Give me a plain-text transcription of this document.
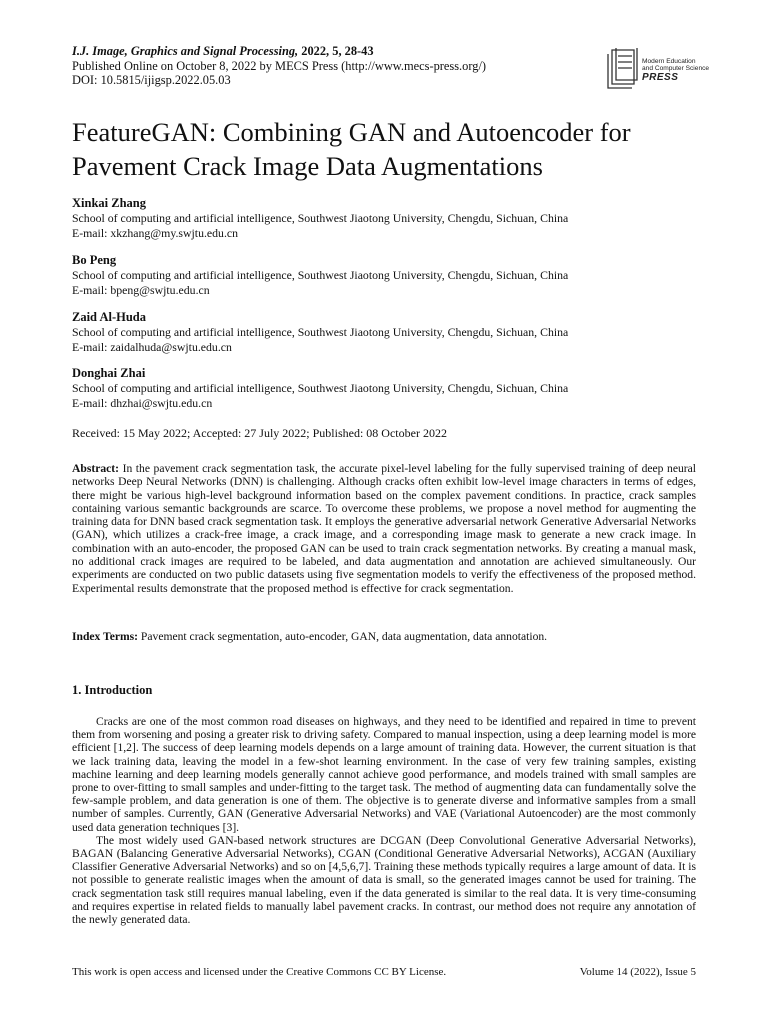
I.J. Image, Graphics and Signal Processing, 2022, 5, 28-43

Published Online on October 8, 2022 by MECS Press (http://www.mecs-press.org/)

DOI: 10.5815/ijigsp.2022.05.03

FeatureGAN: Combining GAN and Autoencoder for Pavement Crack Image Data Augmentations

Xinkai Zhang

School of computing and artificial intelligence, Southwest Jiaotong University, Chengdu, Sichuan, China

E-mail: xkzhang@my.swjtu.edu.cn

Bo Peng

School of computing and artificial intelligence, Southwest Jiaotong University, Chengdu, Sichuan, China

E-mail: bpeng@swjtu.edu.cn

Zaid Al-Huda

School of computing and artificial intelligence, Southwest Jiaotong University, Chengdu, Sichuan, China

E-mail: zaidalhuda@swjtu.edu.cn

Donghai Zhai

School of computing and artificial intelligence, Southwest Jiaotong University, Chengdu, Sichuan, China

E-mail: dhzhai@swjtu.edu.cn

Received: 15 May 2022; Accepted: 27 July 2022; Published: 08 October 2022

Abstract: In the pavement crack segmentation task, the accurate pixel-level labeling for the fully supervised training of deep neural networks Deep Neural Networks (DNN) is challenging. Although cracks often exhibit low-level image characters in terms of edges, there might be various high-level background information based on the complex pavement conditions. In practice, crack samples containing various semantic backgrounds are scarce. To overcome these problems, we propose a novel method for augmenting the training data for DNN based crack segmentation task. It employs the generative adversarial network Generative Adversarial Networks (GAN), which utilizes a crack-free image, a crack image, and a corresponding image mask to generate a new crack image. In combination with an auto-encoder, the proposed GAN can be used to train crack segmentation networks. By creating a manual mask, no additional crack images are required to be labeled, and data augmentation and annotation are achieved simultaneously. Our experiments are conducted on two public datasets using five segmentation models to verify the effectiveness of the proposed method. Experimental results demonstrate that the proposed method is effective for crack segmentation.

Index Terms: Pavement crack segmentation, auto-encoder, GAN, data augmentation, data annotation.

1. Introduction

Cracks are one of the most common road diseases on highways, and they need to be identified and repaired in time to prevent them from worsening and posing a greater risk to driving safety. Compared to manual inspection, using a deep learning model is more efficient [1,2]. The success of deep learning models depends on a large amount of training data. However, the current situation is that we lack training data, leaving the model in a few-shot learning environment. In the case of very few training samples, existing machine learning and deep learning models generally cannot achieve good performance, and models trained with small samples are prone to over-fitting to small samples and under-fitting to the target task. The method of augmenting data can fundamentally solve the few-sample problem, and data generation is one of them. The objective is to generate diverse and informative samples from a small number of samples. Currently, GAN (Generative Adversarial Networks) and VAE (Variational Autoencoder) are the most commonly used data generation techniques [3].

The most widely used GAN-based network structures are DCGAN (Deep Convolutional Generative Adversarial Networks), BAGAN (Balancing Generative Adversarial Networks), CGAN (Conditional Generative Adversarial Networks), ACGAN (Auxiliary Classifier Generative Adversarial Networks) and so on [4,5,6,7]. Training these methods typically requires a large amount of data. It is not possible to generate realistic images when the amount of data is small, so the generated images cannot be used for training. The crack segmentation task still requires manual labeling, even if the data generated is similar to the real data. It is very time-consuming and requires expertise in related fields to manually label pavement cracks. In contrast, our method does not require any annotation of the newly generated data.

Modern Education
and Computer Science
PRESS
This work is open access and licensed under the Creative Commons CC BY License.	Volume 14 (2022), Issue 5
